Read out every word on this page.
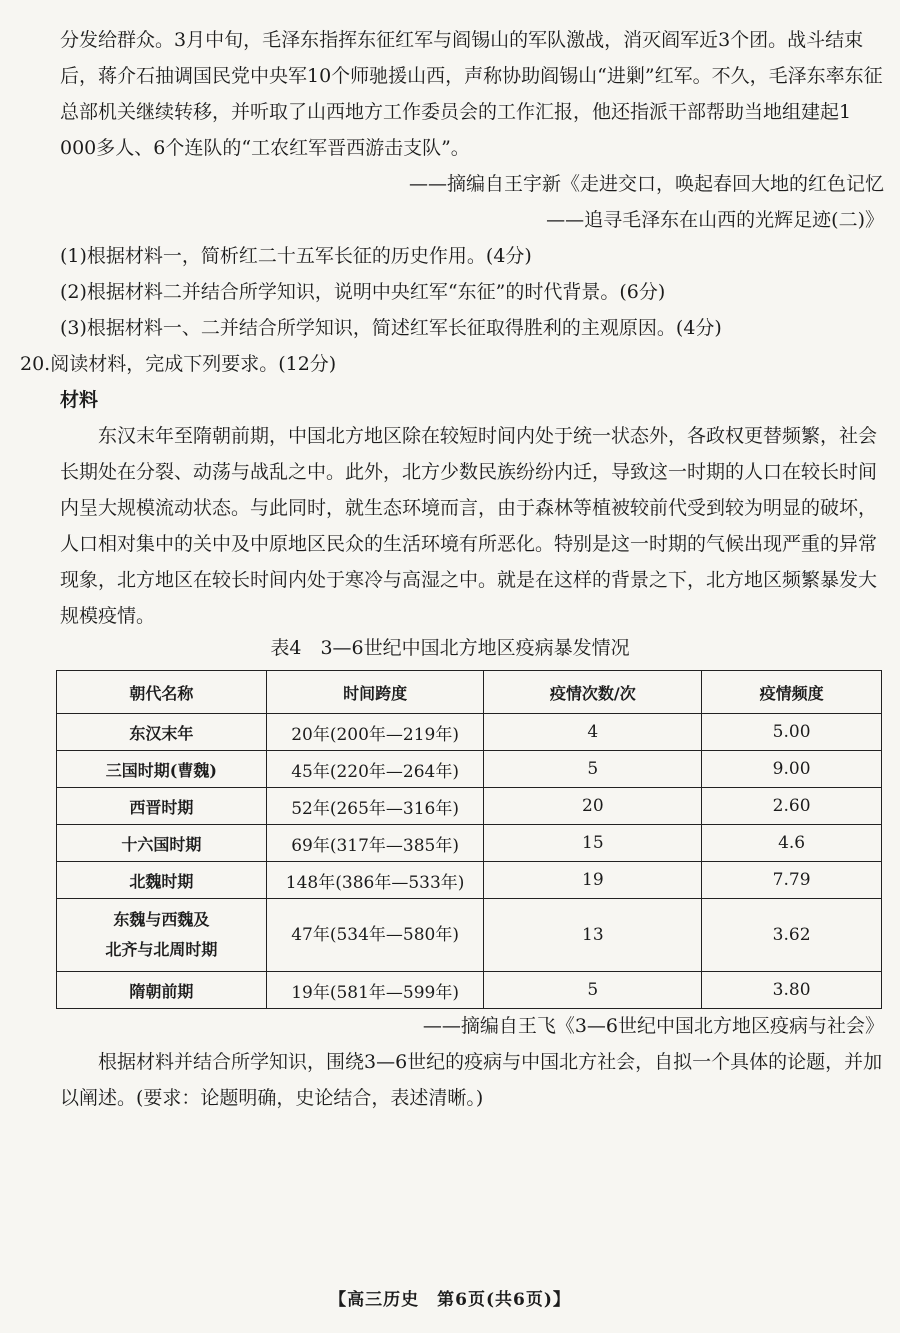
分发给群众。3月中旬，毛泽东指挥东征红军与阎锡山的军队激战，消灭阎军近3个团。战斗结束后，蒋介石抽调国民党中央军10个师驰援山西，声称协助阎锡山“进剿”红军。不久，毛泽东率东征总部机关继续转移，并听取了山西地方工作委员会的工作汇报，他还指派干部帮助当地组建起1 000多人、6个连队的“工农红军晋西游击支队”。

——摘编自王宇新《走进交口，唤起春回大地的红色记忆
——追寻毛泽东在山西的光辉足迹(二)》
(1)根据材料一，简析红二十五军长征的历史作用。(4分)
(2)根据材料二并结合所学知识，说明中央红军“东征”的时代背景。(6分)
(3)根据材料一、二并结合所学知识，简述红军长征取得胜利的主观原因。(4分)
20.阅读材料，完成下列要求。(12分)
材料

东汉末年至隋朝前期，中国北方地区除在较短时间内处于统一状态外，各政权更替频繁，社会长期处在分裂、动荡与战乱之中。此外，北方少数民族纷纷内迁，导致这一时期的人口在较长时间内呈大规模流动状态。与此同时，就生态环境而言，由于森林等植被较前代受到较为明显的破坏，人口相对集中的关中及中原地区民众的生活环境有所恶化。特别是这一时期的气候出现严重的异常现象，北方地区在较长时间内处于寒冷与高湿之中。就是在这样的背景之下，北方地区频繁暴发大规模疫情。

表4　3—6世纪中国北方地区疫病暴发情况
朝代名称	时间跨度	疫情次数/次	疫情频度
东汉末年	20年(200年—219年)	4	5.00
三国时期(曹魏)	45年(220年—264年)	5	9.00
西晋时期	52年(265年—316年)	20	2.60
十六国时期	69年(317年—385年)	15	4.6
北魏时期	148年(386年—533年)	19	7.79

东魏与西魏及
北齐与北周时期	47年(534年—580年)	13	3.62
隋朝前期	19年(581年—599年)	5	3.80
——摘编自王飞《3—6世纪中国北方地区疫病与社会》

根据材料并结合所学知识，围绕3—6世纪的疫病与中国北方社会，自拟一个具体的论题，并加以阐述。(要求：论题明确，史论结合，表述清晰。)

【高三历史　第6页(共6页)】
